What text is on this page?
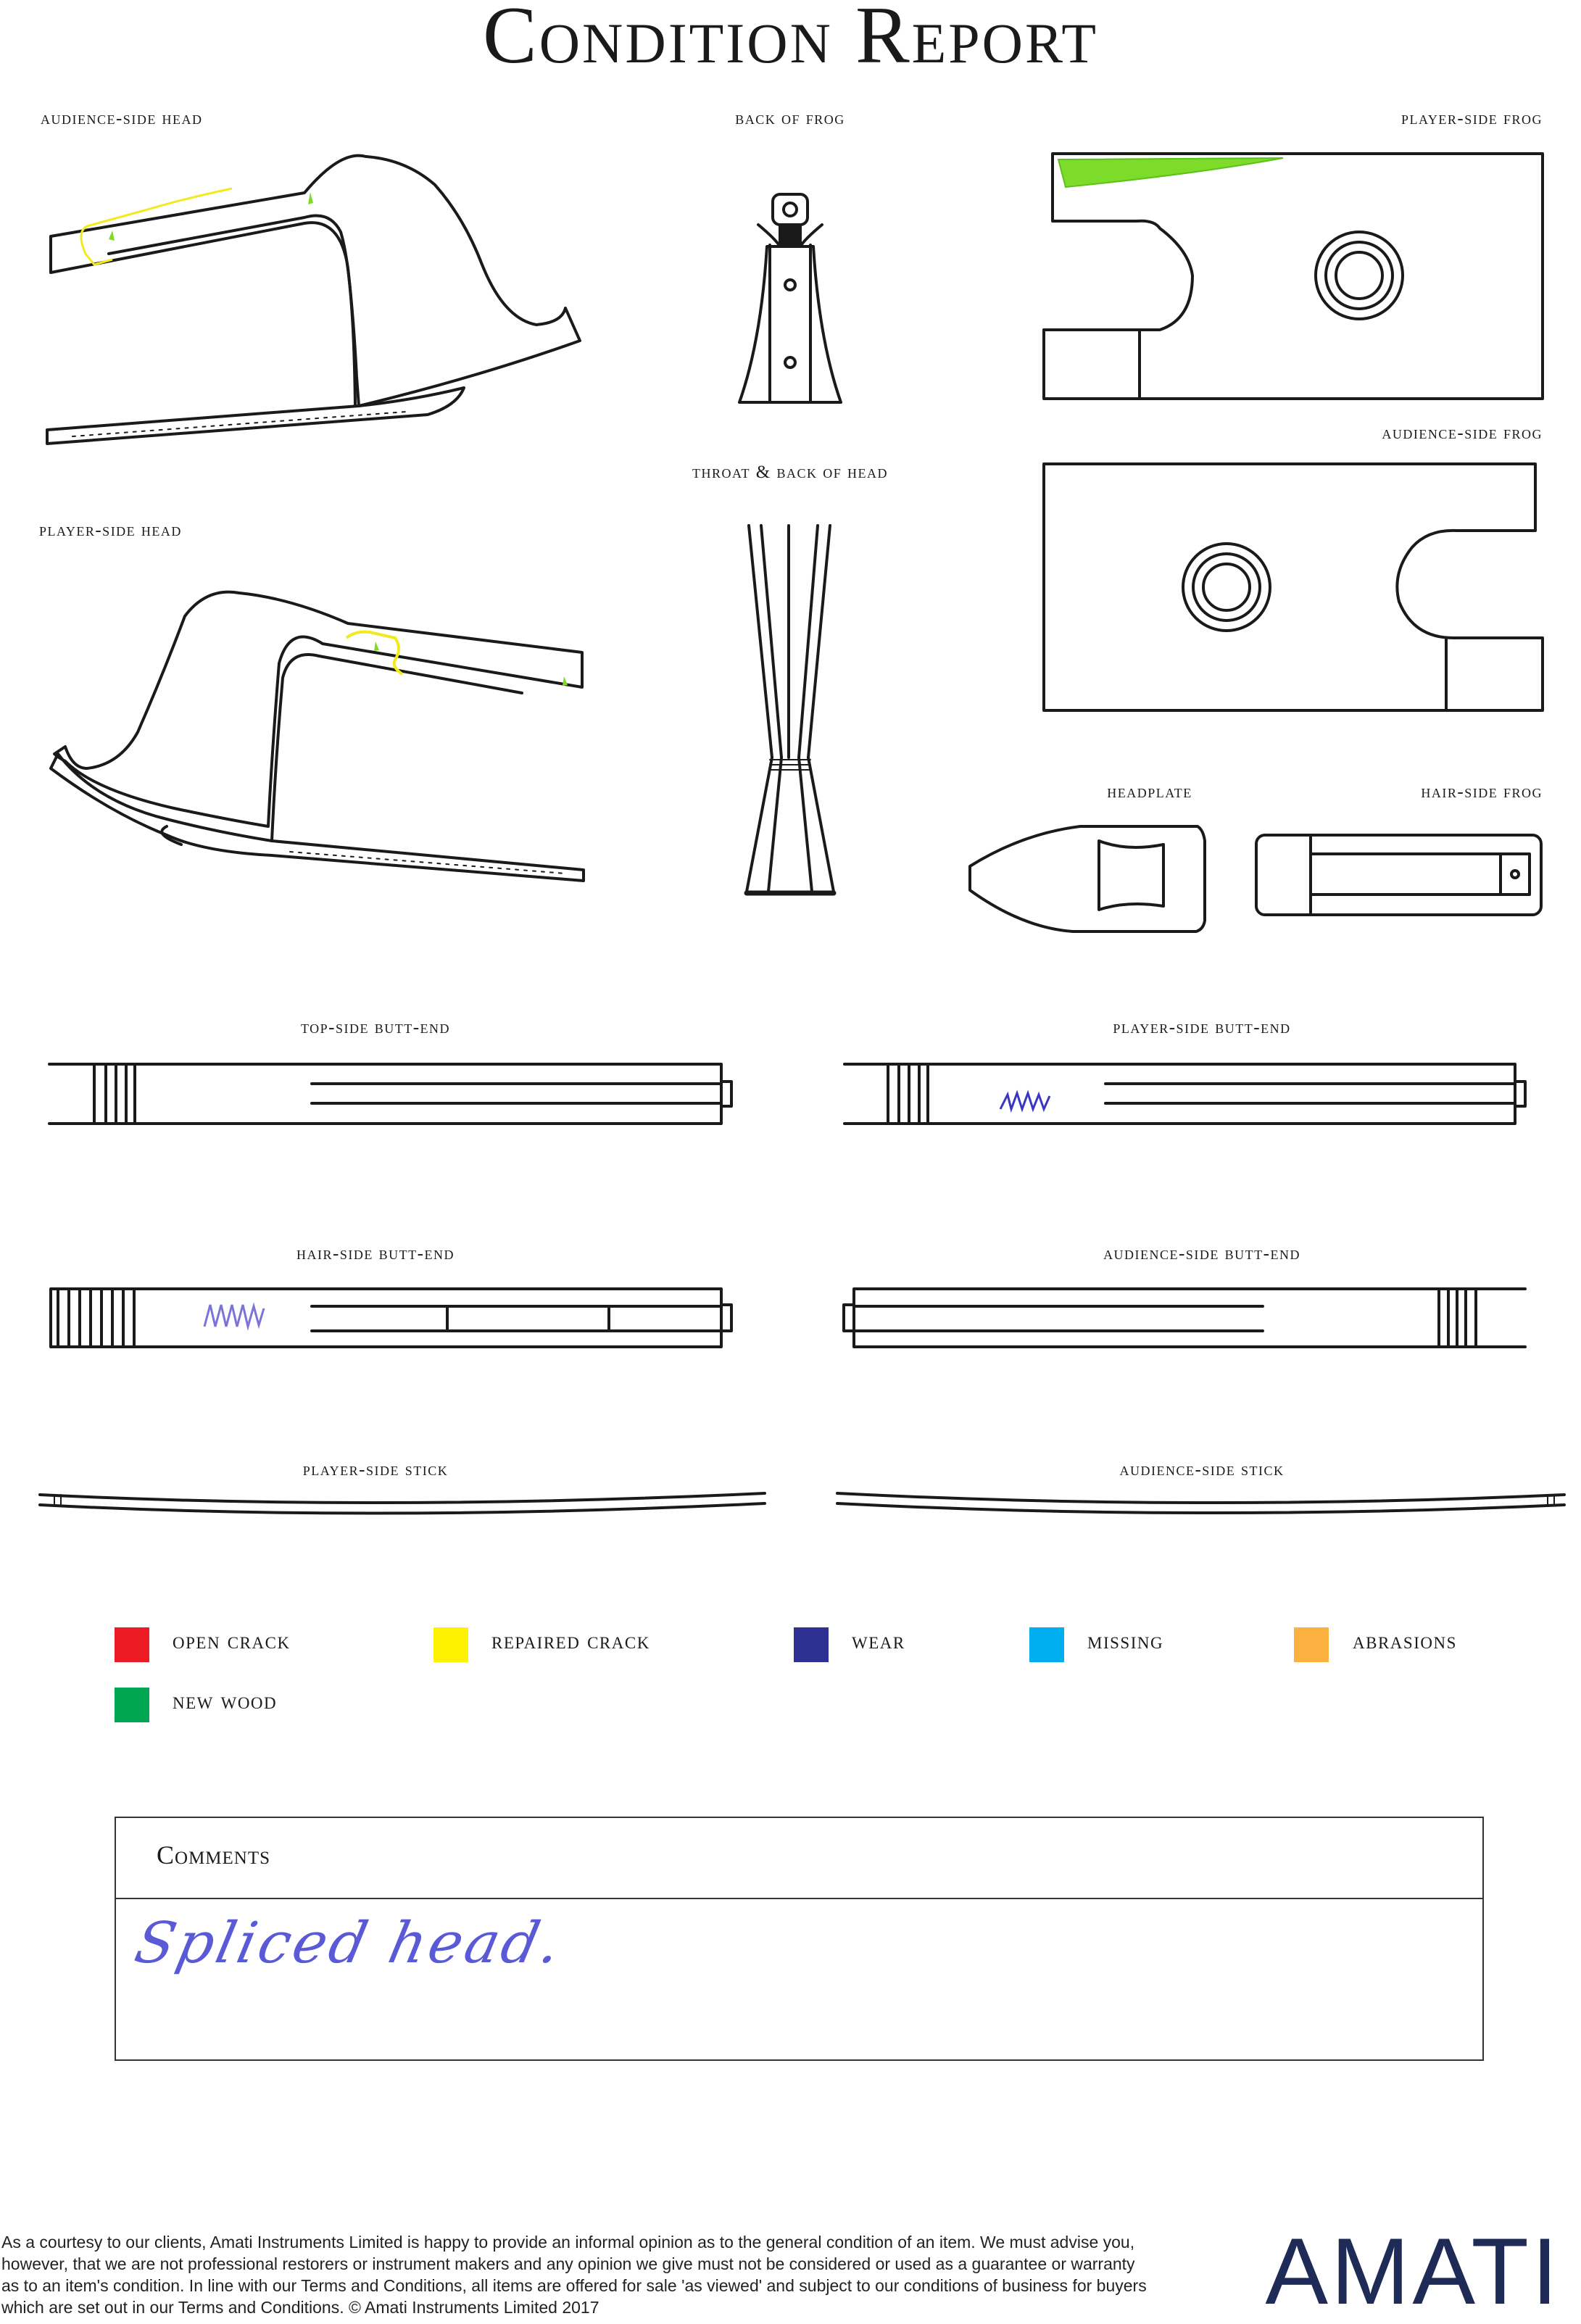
Condition Report
audience-side head	back of frog	player-side frog
audience-side frog
throat & back of head
player-side head
headplate	hair-side frog
top-side butt-end	player-side butt-end
hair-side butt-end	audience-side butt-end
player-side stick	audience-side stick
open crack	repaired crack	wear	missing	abrasions
new wood
Comments
Spliced head.
As a courtesy to our clients, Amati Instruments Limited is happy to provide an informal opinion as to the general condition of an item. We must advise you, however, that we are not professional restorers or instrument makers and any opinion we give must not be considered or used as a guarantee or warranty as to an item's condition. In line with our Terms and Conditions, all items are offered for sale 'as viewed' and subject to our conditions of business for buyers which are set out in our Terms and Conditions. © Amati Instruments Limited 2017	AMATI
